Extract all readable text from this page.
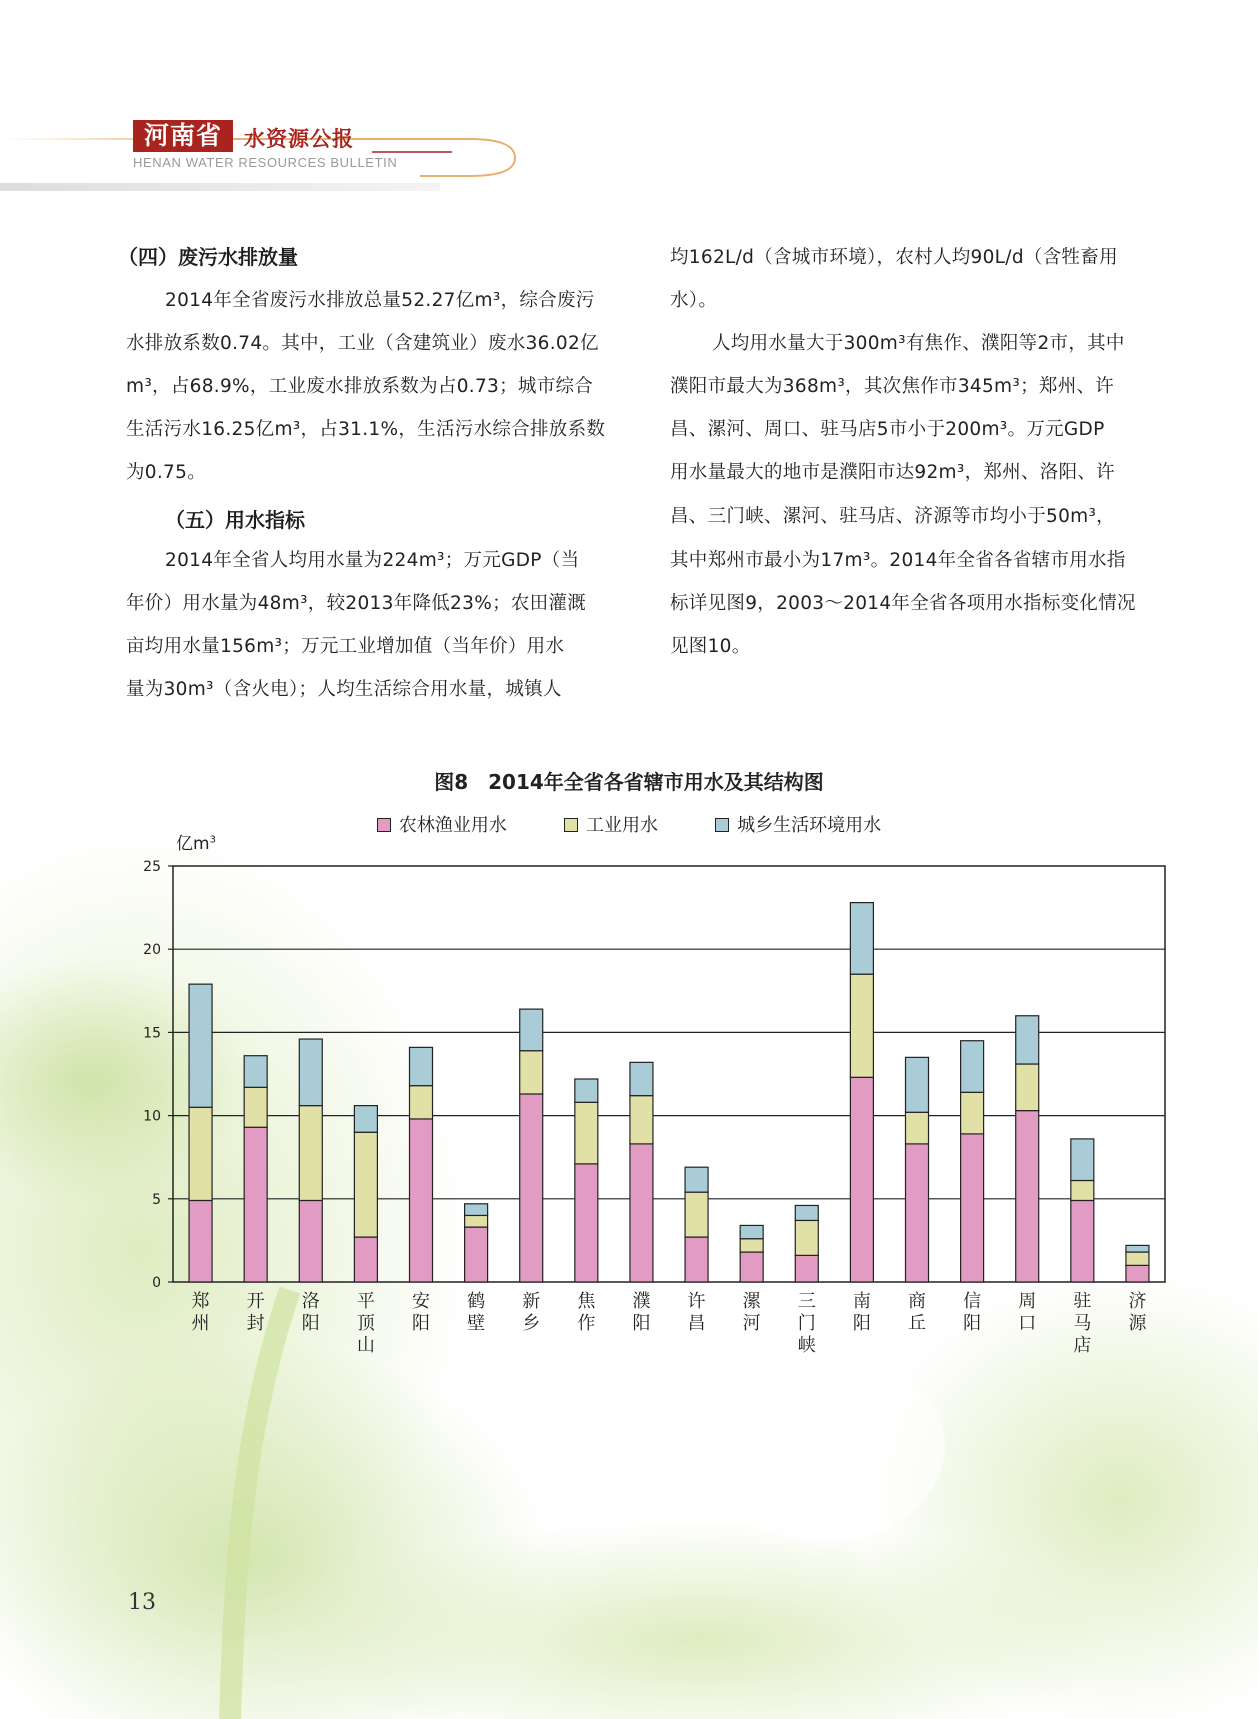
河南省	水资源公报
HENAN WATER RESOURCES BULLETIN
（四）废污水排放量
2014年全省废污水排放总量52.27亿m³，综合废污
水排放系数0.74。其中，工业（含建筑业）废水36.02亿
m³，占68.9%，工业废水排放系数为占0.73；城市综合
生活污水16.25亿m³，占31.1%，生活污水综合排放系数
为0.75。
（五）用水指标
2014年全省人均用水量为224m³；万元GDP（当
年价）用水量为48m³，较2013年降低23%；农田灌溉
亩均用水量156m³；万元工业增加值（当年价）用水
量为30m³（含火电）；人均生活综合用水量，城镇人
均162L/d（含城市环境），农村人均90L/d（含牲畜用
水）。
人均用水量大于300m³有焦作、濮阳等2市，其中
濮阳市最大为368m³，其次焦作市345m³；郑州、许
昌、漯河、周口、驻马店5市小于200m³。万元GDP
用水量最大的地市是濮阳市达92m³，郑州、洛阳、许
昌、三门峡、漯河、驻马店、济源等市均小于50m³，
其中郑州市最小为17m³。2014年全省各省辖市用水指
标详见图9，2003～2014年全省各项用水指标变化情况
见图10。
图8　2014年全省各省辖市用水及其结构图
农林渔业用水	工业用水	城乡生活环境用水
亿$m^3$
0
5
10
15
20
25
郑
州
开
封
洛
阳
平
顶
山
安
阳
鹤
壁
新
乡
焦
作
濮
阳
许
昌
漯
河
三
门
峡
南
阳
商
丘
信
阳
周
口
驻
马
店
济
源
13
